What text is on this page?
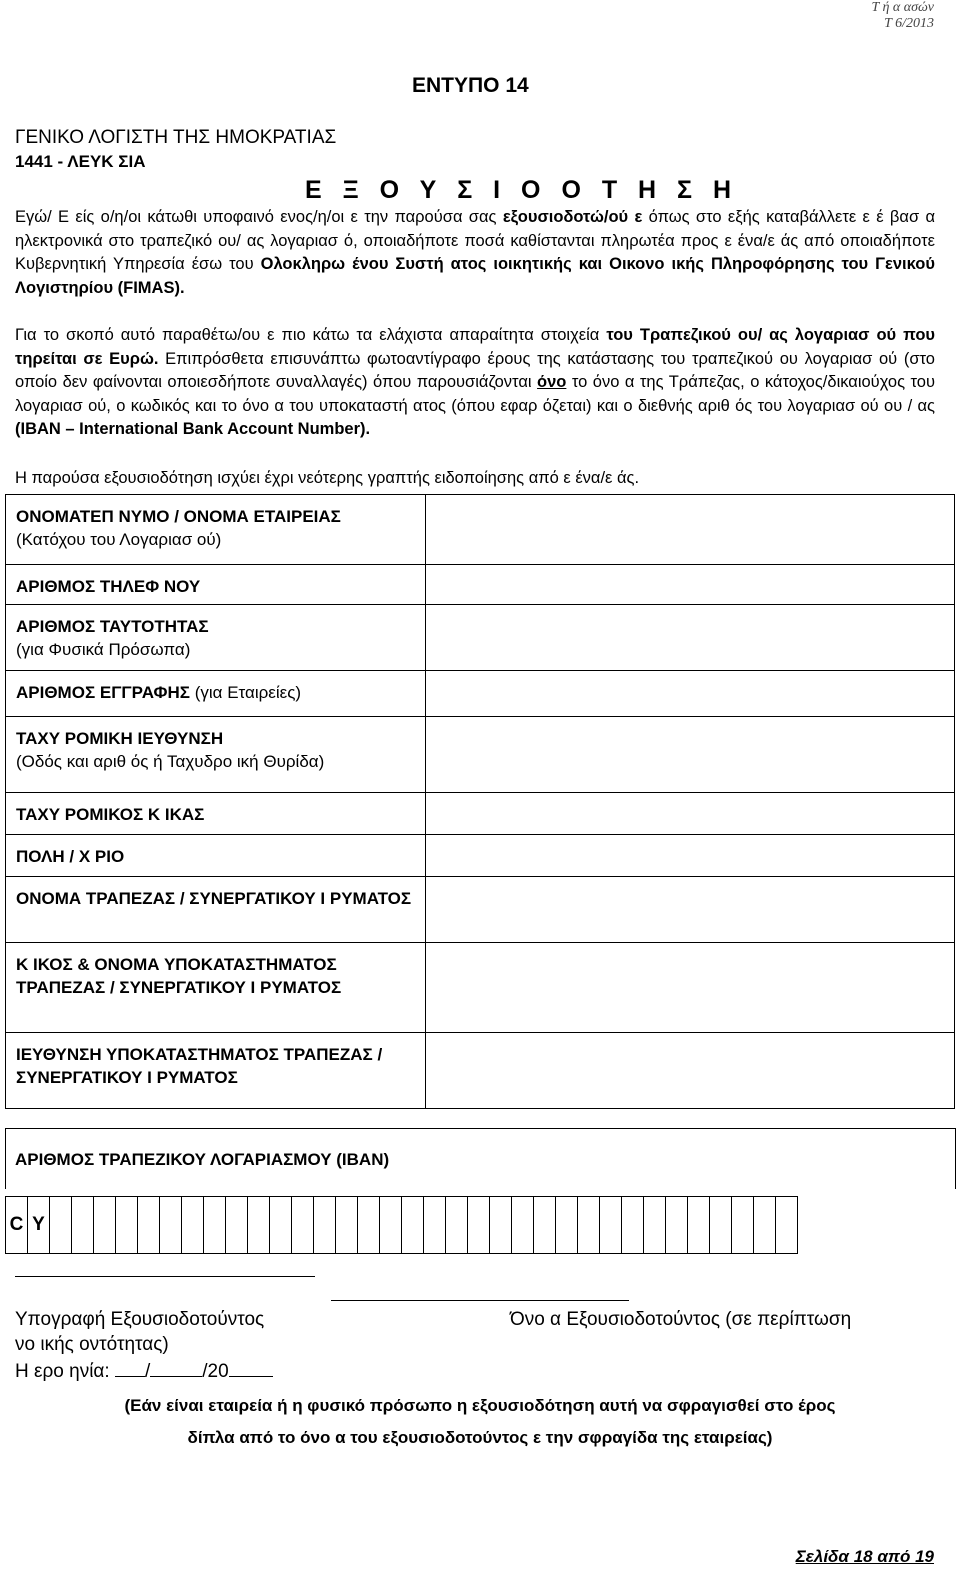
Τ ή α ασών
Τ 6/2013
ΕΝΤΥΠΟ 14
ΓΕΝΙΚΟ ΛΟΓΙΣΤΗ ΤΗΣ ΗΜΟΚΡΑΤΙΑΣ
1441 - ΛΕΥΚ ΣΙΑ
Ε Ξ Ο Υ Σ Ι Ο Ο Τ Η Σ Η
Εγώ/ Ε είς ο/η/οι κάτωθι υποφαινό ενος/η/οι ε την παρούσα σας εξουσιοδοτώ/ού ε όπως στο εξής καταβάλλετε ε έ βασ α ηλεκτρονικά στο τραπεζικό ου/ ας λογαριασ ό, οποιαδήποτε ποσά καθίστανται πληρωτέα προς ε ένα/ε άς από οποιαδήποτε Κυβερνητική Υπηρεσία έσω του Ολοκληρω ένου Συστή ατος ιοικητικής και Οικονο ικής Πληροφόρησης του Γενικού Λογιστηρίου (FIMAS).
Για το σκοπό αυτό παραθέτω/ου ε πιο κάτω τα ελάχιστα απαραίτητα στοιχεία του Τραπεζικού ου/ ας λογαριασ ού που τηρείται σε Ευρώ. Επιπρόσθετα επισυνάπτω φωτοαντίγραφο έρους της κατάστασης του τραπεζικού ου λογαριασ ού (στο οποίο δεν φαίνονται οποιεσδήποτε συναλλαγές) όπου παρουσιάζονται όνο το όνο α της Τράπεζας, ο κάτοχος/δικαιούχος του λογαριασ ού, ο κωδικός και το όνο α του υποκαταστή ατος (όπου εφαρ όζεται) και ο διεθνής αριθ ός του λογαριασ ού ου / ας (IBAN – International Bank Account Number).
Η παρούσα εξουσιοδότηση ισχύει έχρι νεότερης γραπτής ειδοποίησης από ε ένα/ε άς.
ΟΝΟΜΑΤΕΠ ΝΥΜΟ / ΟΝΟΜΑ ΕΤΑΙΡΕΙΑΣ
(Κατόχου του Λογαριασ ού)	

ΑΡΙΘΜΟΣ ΤΗΛΕΦ ΝΟΥ	

ΑΡΙΘΜΟΣ ΤΑΥΤΟΤΗΤΑΣ
(για Φυσικά Πρόσωπα)	

ΑΡΙΘΜΟΣ ΕΓΓΡΑΦΗΣ (για Εταιρείες)	

ΤΑΧΥ ΡΟΜΙΚΗ ΙΕΥΘΥΝΣΗ
(Οδός και αριθ ός ή Ταχυδρο ική Θυρίδα)	

ΤΑΧΥ ΡΟΜΙΚΟΣ Κ ΙΚΑΣ	

ΠΟΛΗ / Χ ΡΙΟ	

ΟΝΟΜΑ ΤΡΑΠΕΖΑΣ / ΣΥΝΕΡΓΑΤΙΚΟΥ Ι ΡΥΜΑΤΟΣ	

Κ ΙΚΟΣ & ΟΝΟΜΑ ΥΠΟΚΑΤΑΣΤΗΜΑΤΟΣ ΤΡΑΠΕΖΑΣ / ΣΥΝΕΡΓΑΤΙΚΟΥ Ι ΡΥΜΑΤΟΣ	

ΙΕΥΘΥΝΣΗ ΥΠΟΚΑΤΑΣΤΗΜΑΤΟΣ ΤΡΑΠΕΖΑΣ / ΣΥΝΕΡΓΑΤΙΚΟΥ Ι ΡΥΜΑΤΟΣ	

ΑΡΙΘΜΟΣ ΤΡΑΠΕΖΙΚΟΥ ΛΟΓΑΡΙΑΣΜΟΥ (IBAN)
C	Y																																		
Υπογραφή Εξουσιοδοτούντος	Όνο α Εξουσιοδοτούντος (σε περίπτωση
νο ικής οντότητας)
Η ερο ηνία: /	/20
(Εάν είναι εταιρεία ή η φυσικό πρόσωπο η εξουσιοδότηση αυτή να σφραγισθεί στο έρος
δίπλα από το όνο α του εξουσιοδοτούντος ε την σφραγίδα της εταιρείας)
Σελίδα 18 από 19
